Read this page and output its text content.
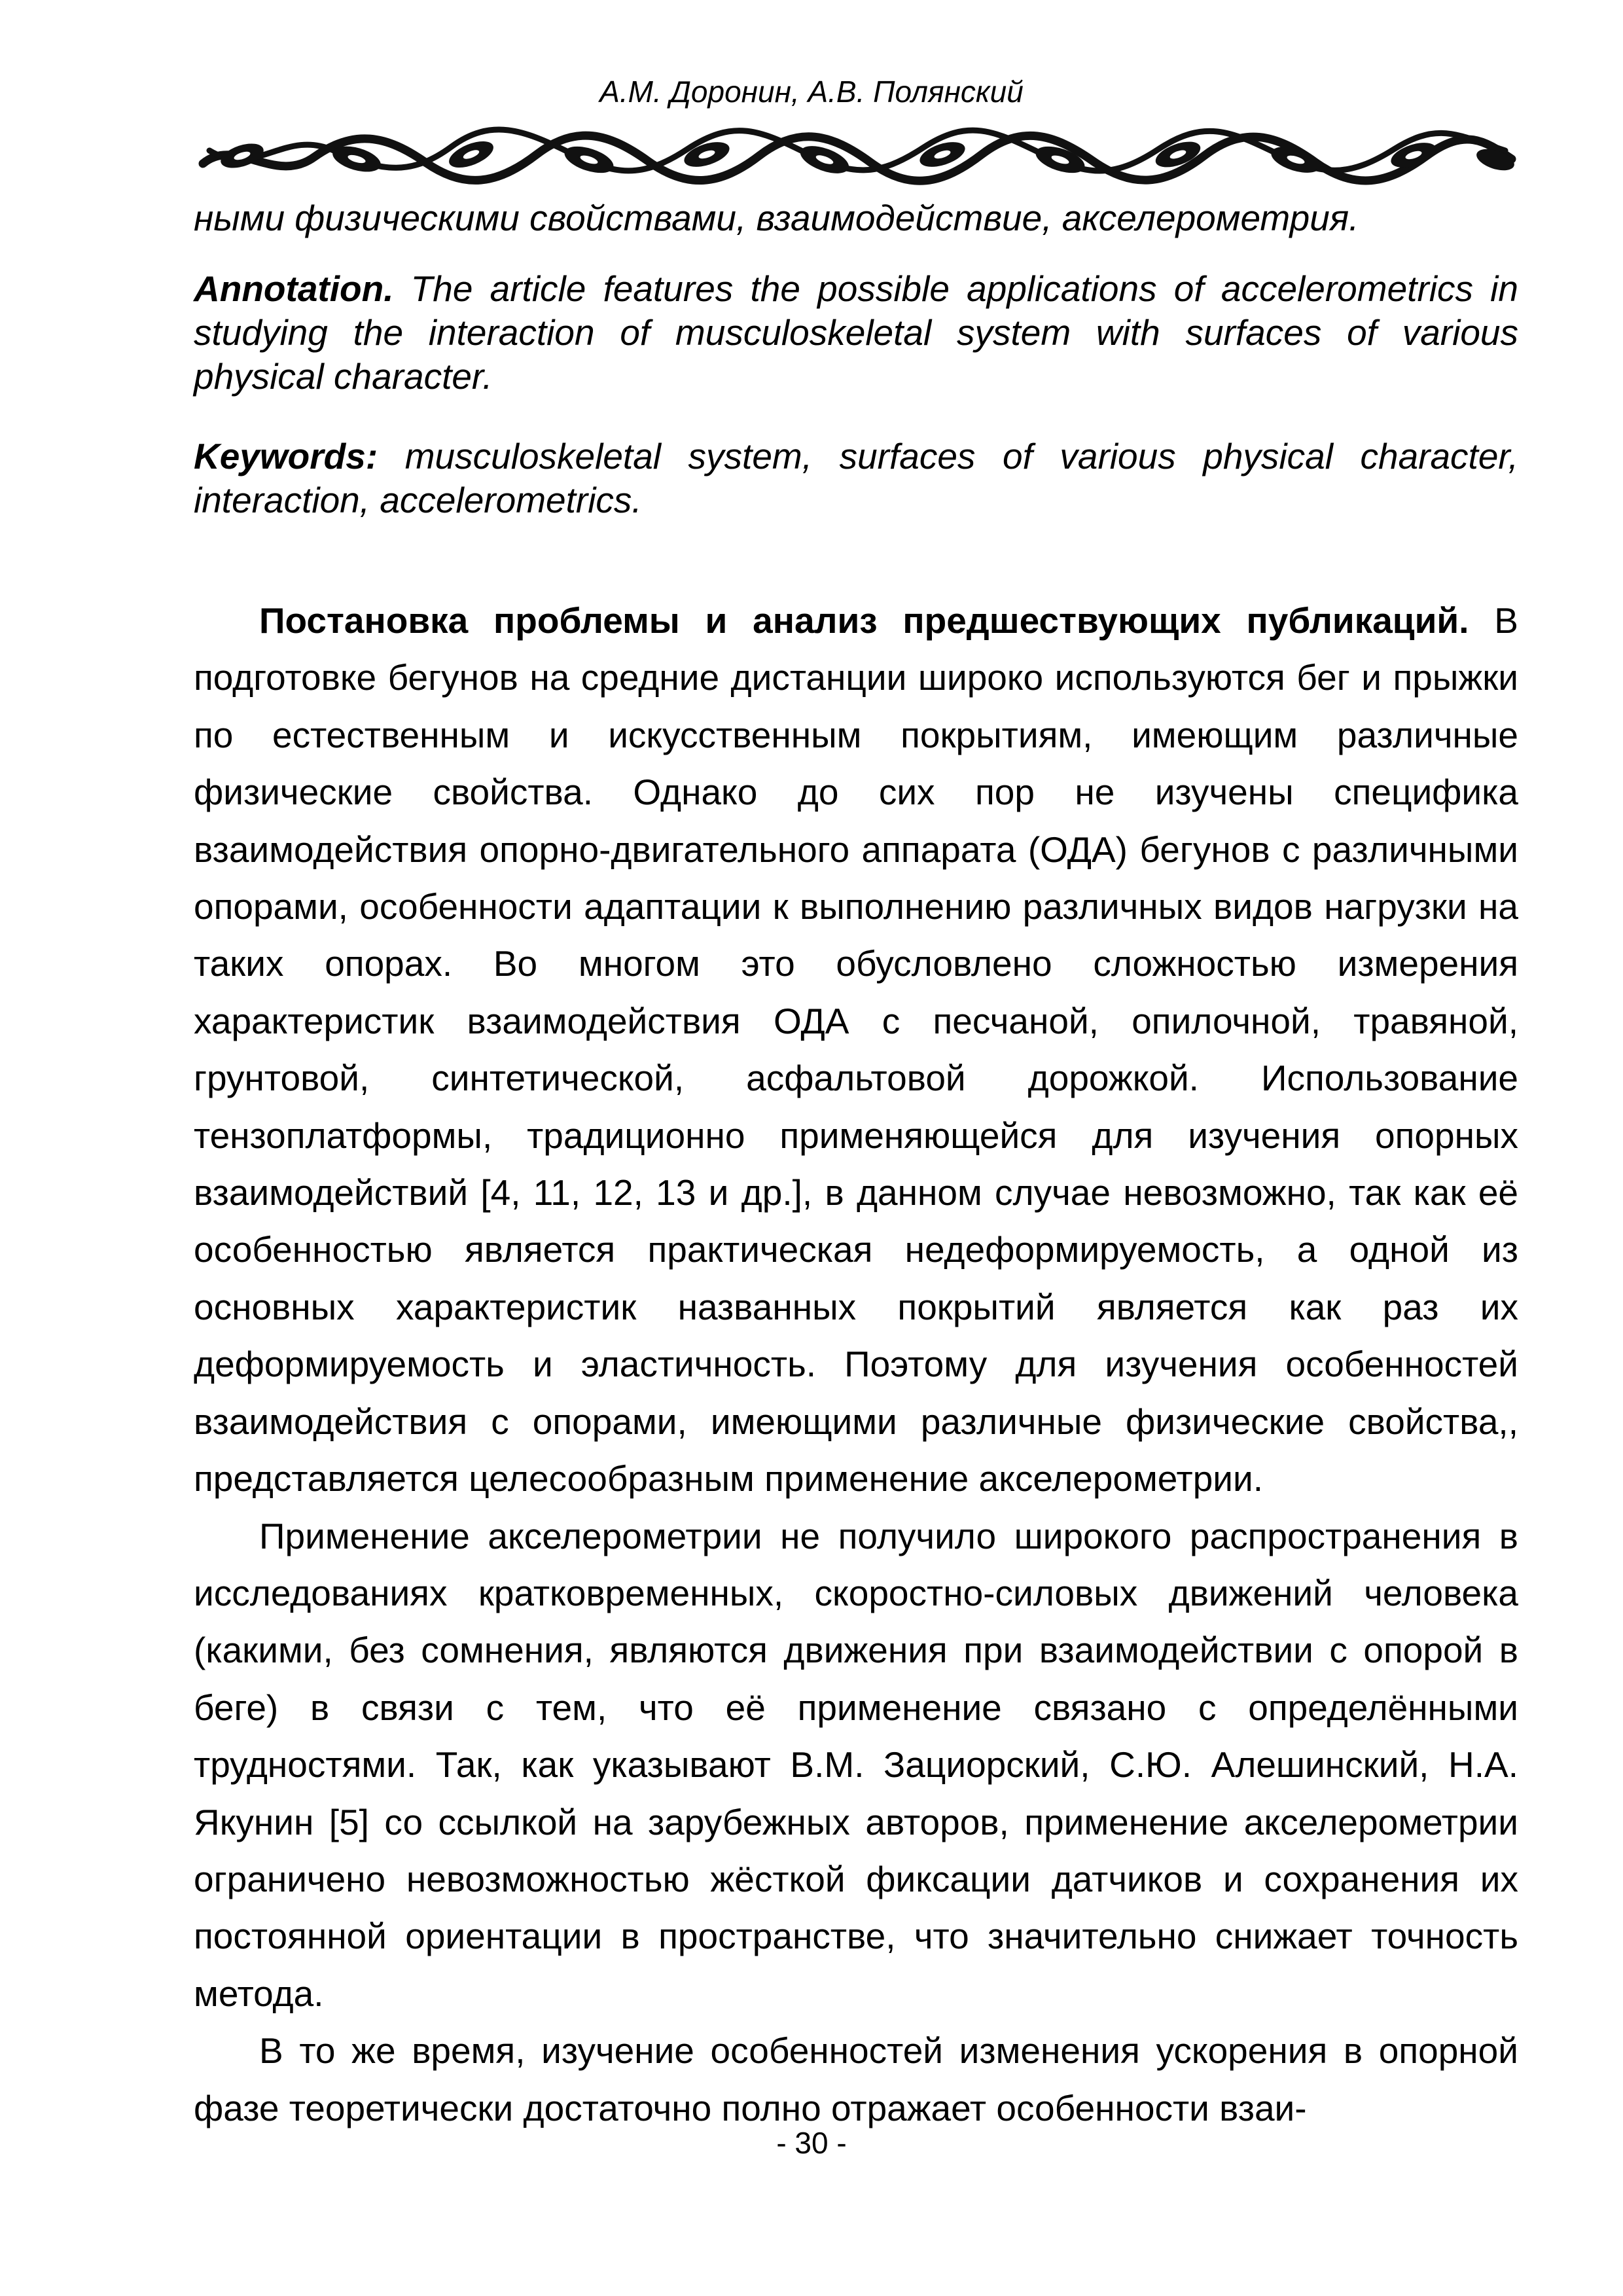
А.М. Доронин, А.В. Полянский
ными физическими свойствами, взаимодействие, акселерометрия.
Annotation. The article features the possible applications of accelerometrics in studying the interaction of musculoskeletal system with surfaces of various physical character.
Keywords: musculoskeletal system, surfaces of various physical character, interaction, accelerometrics.

Постановка проблемы и анализ предшествующих публикаций. В подготовке бегунов на средние дистанции широко используются бег и прыжки по естественным и искусственным покрытиям, имеющим различные физические свойства. Однако до сих пор не изучены специфика взаимодействия опорно-двигательного аппарата (ОДА) бегунов с различными опорами, особенности адаптации к выполнению различных видов нагрузки на таких опорах. Во многом это обусловлено сложностью измерения характеристик взаимодействия ОДА с песчаной, опилочной, травяной, грунтовой, синтетической, асфальтовой дорожкой. Использование тензоплатформы, традиционно применяющейся для изучения опорных взаимодействий [4, 11, 12, 13 и др.], в данном случае невозможно, так как её особенностью является практическая недеформируемость, а одной из основных характеристик названных покрытий является как раз их деформируемость и эластичность. Поэтому для изучения особенностей взаимодействия с опорами, имеющими различные физические свойства,, представляется целесообразным применение акселерометрии.

Применение акселерометрии не получило широкого распространения в исследованиях кратковременных, скоростно-силовых движений человека (какими, без сомнения, являются движения при взаимодействии с опорой в беге) в связи с тем, что её применение связано с определёнными трудностями. Так, как указывают В.М. Зациорский, С.Ю. Алешинский, Н.А. Якунин [5] со ссылкой на зарубежных авторов, применение акселерометрии ограничено невозможностью жёсткой фиксации датчиков и сохранения их постоянной ориентации в пространстве, что значительно снижает точность метода.

В то же время, изучение особенностей изменения ускорения в опорной фазе теоретически достаточно полно отражает особенности взаи-

- 30 -
